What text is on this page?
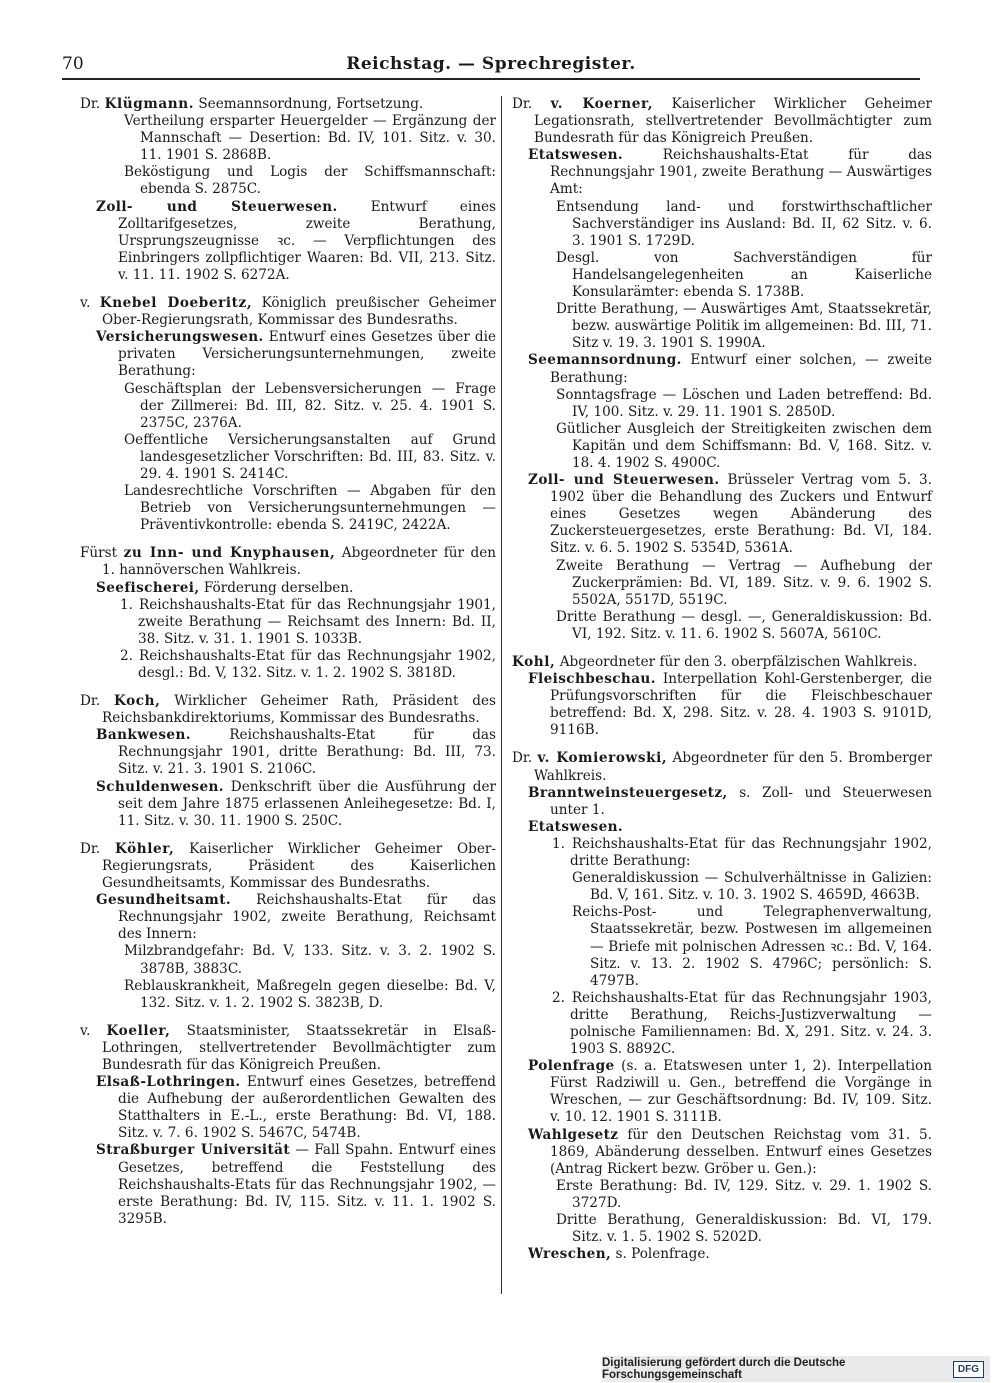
70	Reichstag. — Sprechregister.

Dr. Klügmann. Seemannsordnung, Fortsetzung.

Vertheilung ersparter Heuergelder — Ergänzung der Mannschaft — Desertion: Bd. IV, 101. Sitz. v. 30. 11. 1901 S. 2868B.

Beköstigung und Logis der Schiffsmannschaft: ebenda S. 2875C.

Zoll- und Steuerwesen. Entwurf eines Zolltarifgesetzes, zweite Berathung, Ursprungszeugnisse ꝛc. — Verpflichtungen des Einbringers zollpflichtiger Waaren: Bd. VII, 213. Sitz. v. 11. 11. 1902 S. 6272A.

v. Knebel Doeberitz, Königlich preußischer Geheimer Ober-Regierungsrath, Kommissar des Bundesraths.

Versicherungswesen. Entwurf eines Gesetzes über die privaten Versicherungsunternehmungen, zweite Berathung:

Geschäftsplan der Lebensversicherungen — Frage der Zillmerei: Bd. III, 82. Sitz. v. 25. 4. 1901 S. 2375C, 2376A.

Oeffentliche Versicherungsanstalten auf Grund landesgesetzlicher Vorschriften: Bd. III, 83. Sitz. v. 29. 4. 1901 S. 2414C.

Landesrechtliche Vorschriften — Abgaben für den Betrieb von Versicherungsunternehmungen — Präventivkontrolle: ebenda S. 2419C, 2422A.

Fürst zu Inn- und Knyphausen, Abgeordneter für den 1. hannöverschen Wahlkreis.

Seefischerei, Förderung derselben.

1. Reichshaushalts-Etat für das Rechnungsjahr 1901, zweite Berathung — Reichsamt des Innern: Bd. II, 38. Sitz. v. 31. 1. 1901 S. 1033B.

2. Reichshaushalts-Etat für das Rechnungsjahr 1902, desgl.: Bd. V, 132. Sitz. v. 1. 2. 1902 S. 3818D.

Dr. Koch, Wirklicher Geheimer Rath, Präsident des Reichsbankdirektoriums, Kommissar des Bundesraths.

Bankwesen.	Reichshaushalts-Etat für das Rechnungsjahr 1901, dritte Berathung: Bd. III, 73. Sitz. v. 21. 3. 1901 S. 2106C.

Schuldenwesen. Denkschrift über die Ausführung der seit dem Jahre 1875 erlassenen Anleihegesetze: Bd. I, 11. Sitz. v. 30. 11. 1900 S. 250C.

Dr. Köhler, Kaiserlicher Wirklicher Geheimer Ober-Regierungsrats, Präsident des Kaiserlichen Gesundheitsamts, Kommissar des Bundesraths.

Gesundheitsamt. Reichshaushalts-Etat für das Rechnungsjahr 1902, zweite Berathung, Reichsamt des Innern:

Milzbrandgefahr: Bd. V, 133. Sitz. v. 3. 2. 1902 S. 3878B, 3883C.

Reblauskrankheit, Maßregeln gegen dieselbe: Bd. V, 132. Sitz. v. 1. 2. 1902 S. 3823B, D.

v. Koeller, Staatsminister, Staatssekretär in Elsaß-Lothringen, stellvertretender Bevollmächtigter zum Bundesrath für das Königreich Preußen.

Elsaß-Lothringen. Entwurf eines Gesetzes, betreffend die Aufhebung der außerordentlichen Gewalten des Statthalters in E.-L., erste Berathung: Bd. VI, 188. Sitz. v. 7. 6. 1902 S. 5467C, 5474B.

Straßburger Universität — Fall Spahn. Entwurf eines Gesetzes, betreffend die Feststellung des Reichshaushalts-Etats für das Rechnungsjahr 1902, — erste Berathung: Bd. IV, 115. Sitz. v. 11. 1. 1902 S. 3295B.

Dr. v. Koerner, Kaiserlicher Wirklicher Geheimer Legationsrath, stellvertretender Bevollmächtigter zum Bundesrath für das Königreich Preußen.

Etatswesen.	Reichshaushalts-Etat für das Rechnungsjahr 1901, zweite Berathung — Auswärtiges Amt:

Entsendung land- und forstwirthschaftlicher Sachverständiger ins Ausland: Bd. II, 62 Sitz. v. 6. 3. 1901 S. 1729D.

Desgl. von Sachverständigen für Handelsangelegenheiten an Kaiserliche Konsularämter: ebenda S. 1738B.

Dritte Berathung, — Auswärtiges Amt, Staatssekretär, bezw. auswärtige Politik im allgemeinen: Bd. III, 71. Sitz v. 19. 3. 1901 S. 1990A.

Seemannsordnung. Entwurf einer solchen, — zweite Berathung:

Sonntagsfrage — Löschen und Laden betreffend: Bd. IV, 100. Sitz. v. 29. 11. 1901 S. 2850D.

Gütlicher Ausgleich der Streitigkeiten zwischen dem Kapitän und dem Schiffsmann: Bd. V, 168. Sitz. v. 18. 4. 1902 S. 4900C.

Zoll- und Steuerwesen. Brüsseler Vertrag vom 5. 3. 1902 über die Behandlung des Zuckers und Entwurf eines Gesetzes wegen Abänderung des Zuckersteuergesetzes, erste Berathung: Bd. VI, 184. Sitz. v. 6. 5. 1902 S. 5354D, 5361A.

Zweite Berathung — Vertrag — Aufhebung der Zuckerprämien: Bd. VI, 189. Sitz. v. 9. 6. 1902 S. 5502A, 5517D, 5519C.

Dritte Berathung — desgl. —, Generaldiskussion: Bd. VI, 192. Sitz. v. 11. 6. 1902 S. 5607A, 5610C.

Kohl, Abgeordneter für den 3. oberpfälzischen Wahlkreis.

Fleischbeschau. Interpellation Kohl-Gerstenberger, die Prüfungsvorschriften für die Fleischbeschauer betreffend: Bd. X, 298. Sitz. v. 28. 4. 1903 S. 9101D, 9116B.

Dr. v. Komierowski, Abgeordneter für den 5. Bromberger Wahlkreis.

Branntweinsteuergesetz, s. Zoll- und Steuerwesen unter 1.

Etatswesen.

1. Reichshaushalts-Etat für das Rechnungsjahr 1902, dritte Berathung:

Generaldiskussion — Schulverhältnisse in Galizien: Bd. V, 161. Sitz. v. 10. 3. 1902 S. 4659D, 4663B.

Reichs-Post- und Telegraphenverwaltung, Staatssekretär, bezw. Postwesen im allgemeinen — Briefe mit polnischen Adressen ꝛc.: Bd. V, 164. Sitz. v. 13. 2. 1902 S. 4796C; persönlich: S. 4797B.

2. Reichshaushalts-Etat für das Rechnungsjahr 1903, dritte Berathung, Reichs-Justizverwaltung — polnische Familiennamen: Bd. X, 291. Sitz. v. 24. 3. 1903 S. 8892C.

Polenfrage (s. a. Etatswesen unter 1, 2). Interpellation Fürst Radziwill u. Gen., betreffend die Vorgänge in Wreschen, — zur Geschäftsordnung: Bd. IV, 109. Sitz. v. 10. 12. 1901 S. 3111B.

Wahlgesetz für den Deutschen Reichstag vom 31. 5. 1869, Abänderung desselben. Entwurf eines Gesetzes (Antrag Rickert bezw. Gröber u. Gen.):

Erste Berathung: Bd. IV, 129. Sitz. v. 29. 1. 1902 S. 3727D.

Dritte Berathung, Generaldiskussion: Bd. VI, 179. Sitz. v. 1. 5. 1902 S. 5202D.

Wreschen, s. Polenfrage.

Digitalisierung gefördert durch die Deutsche Forschungsgemeinschaft	DFG
